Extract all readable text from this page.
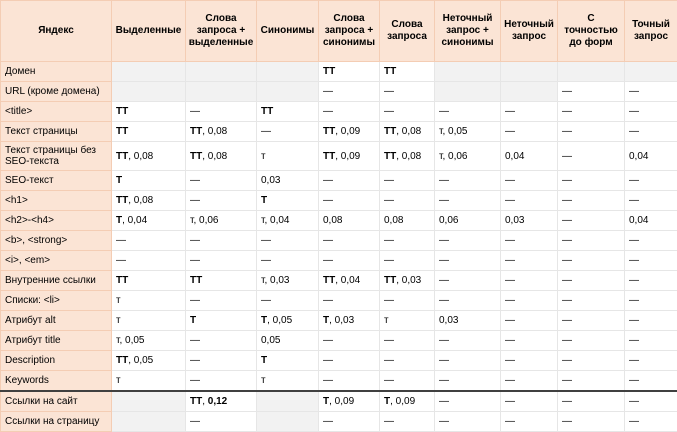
Яндекс	Выделенные	Слова запроса + выделенные	Синонимы	Слова запроса + синонимы	Слова запроса	Неточный запрос + синонимы	Неточный запрос	С точностью до форм	Точный запрос
Домен				ТТ	ТТ				
URL (кроме домена)				—	—			—	—
<title>	ТТ	—	ТТ	—	—	—	—	—	—
Текст страницы	ТТ	ТТ, 0,08	—	ТТ, 0,09	ТТ, 0,08	т, 0,05	—	—	—
Текст страницы без SEO-текста	ТТ, 0,08	ТТ, 0,08	т	ТТ, 0,09	ТТ, 0,08	т, 0,06	0,04	—	0,04
SEO-текст	Т	—	0,03	—	—	—	—	—	—
<h1>	ТТ, 0,08	—	Т	—	—	—	—	—	—
<h2>-<h4>	Т, 0,04	т, 0,06	т, 0,04	0,08	0,08	0,06	0,03	—	0,04
<b>, <strong>	—	—	—	—	—	—	—	—	—
<i>, <em>	—	—	—	—	—	—	—	—	—
Внутренние ссылки	ТТ	ТТ	т, 0,03	ТТ, 0,04	ТТ, 0,03	—	—	—	—
Списки: <li>	т	—	—	—	—	—	—	—	—
Атрибут alt	т	Т	Т, 0,05	Т, 0,03	т	0,03	—	—	—
Атрибут title	т, 0,05	—	0,05	—	—	—	—	—	—
Description	ТТ, 0,05	—	Т	—	—	—	—	—	—
Keywords	т	—	т	—	—	—	—	—	—
Ссылки на сайт		ТТ, 0,12		Т, 0,09	Т, 0,09	—	—	—	—
Ссылки на страницу		—		—	—	—	—	—	—
